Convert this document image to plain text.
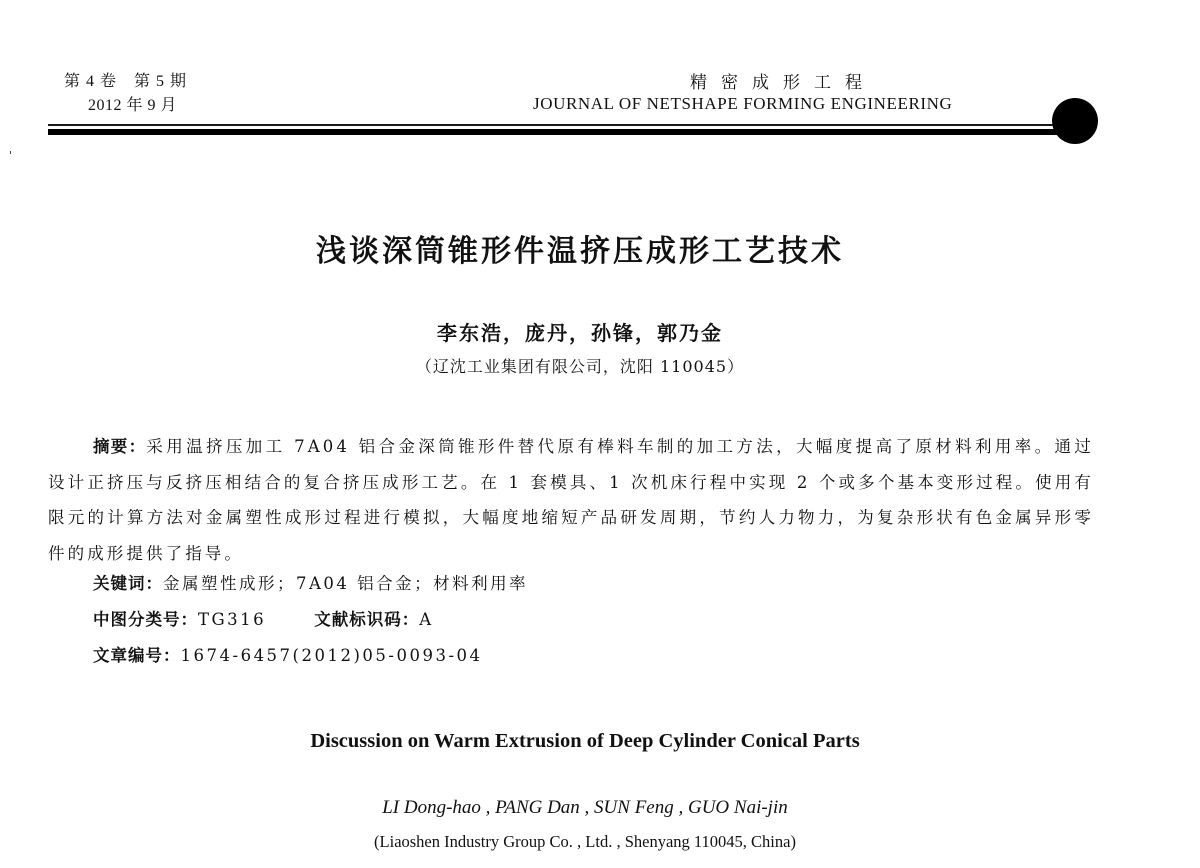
第 4 卷　第 5 期
2012 年 9 月
精密成形工程
JOURNAL OF NETSHAPE FORMING ENGINEERING
浅谈深筒锥形件温挤压成形工艺技术
李东浩，庞丹，孙锋，郭乃金
（辽沈工业集团有限公司，沈阳 110045）
摘要：采用温挤压加工 7A04 铝合金深筒锥形件替代原有棒料车制的加工方法，大幅度提高了原材料利用率。通过设计正挤压与反挤压相结合的复合挤压成形工艺。在 1 套模具、1 次机床行程中实现 2 个或多个基本变形过程。使用有限元的计算方法对金属塑性成形过程进行模拟，大幅度地缩短产品研发周期，节约人力物力，为复杂形状有色金属异形零件的成形提供了指导。
关键词：金属塑性成形；7A04 铝合金；材料利用率
中图分类号：TG316	文献标识码：A
文章编号：1674-6457(2012)05-0093-04
Discussion on Warm Extrusion of Deep Cylinder Conical Parts
LI Dong-hao , PANG Dan , SUN Feng , GUO Nai-jin
(Liaoshen Industry Group Co. , Ltd. , Shenyang 110045, China)
